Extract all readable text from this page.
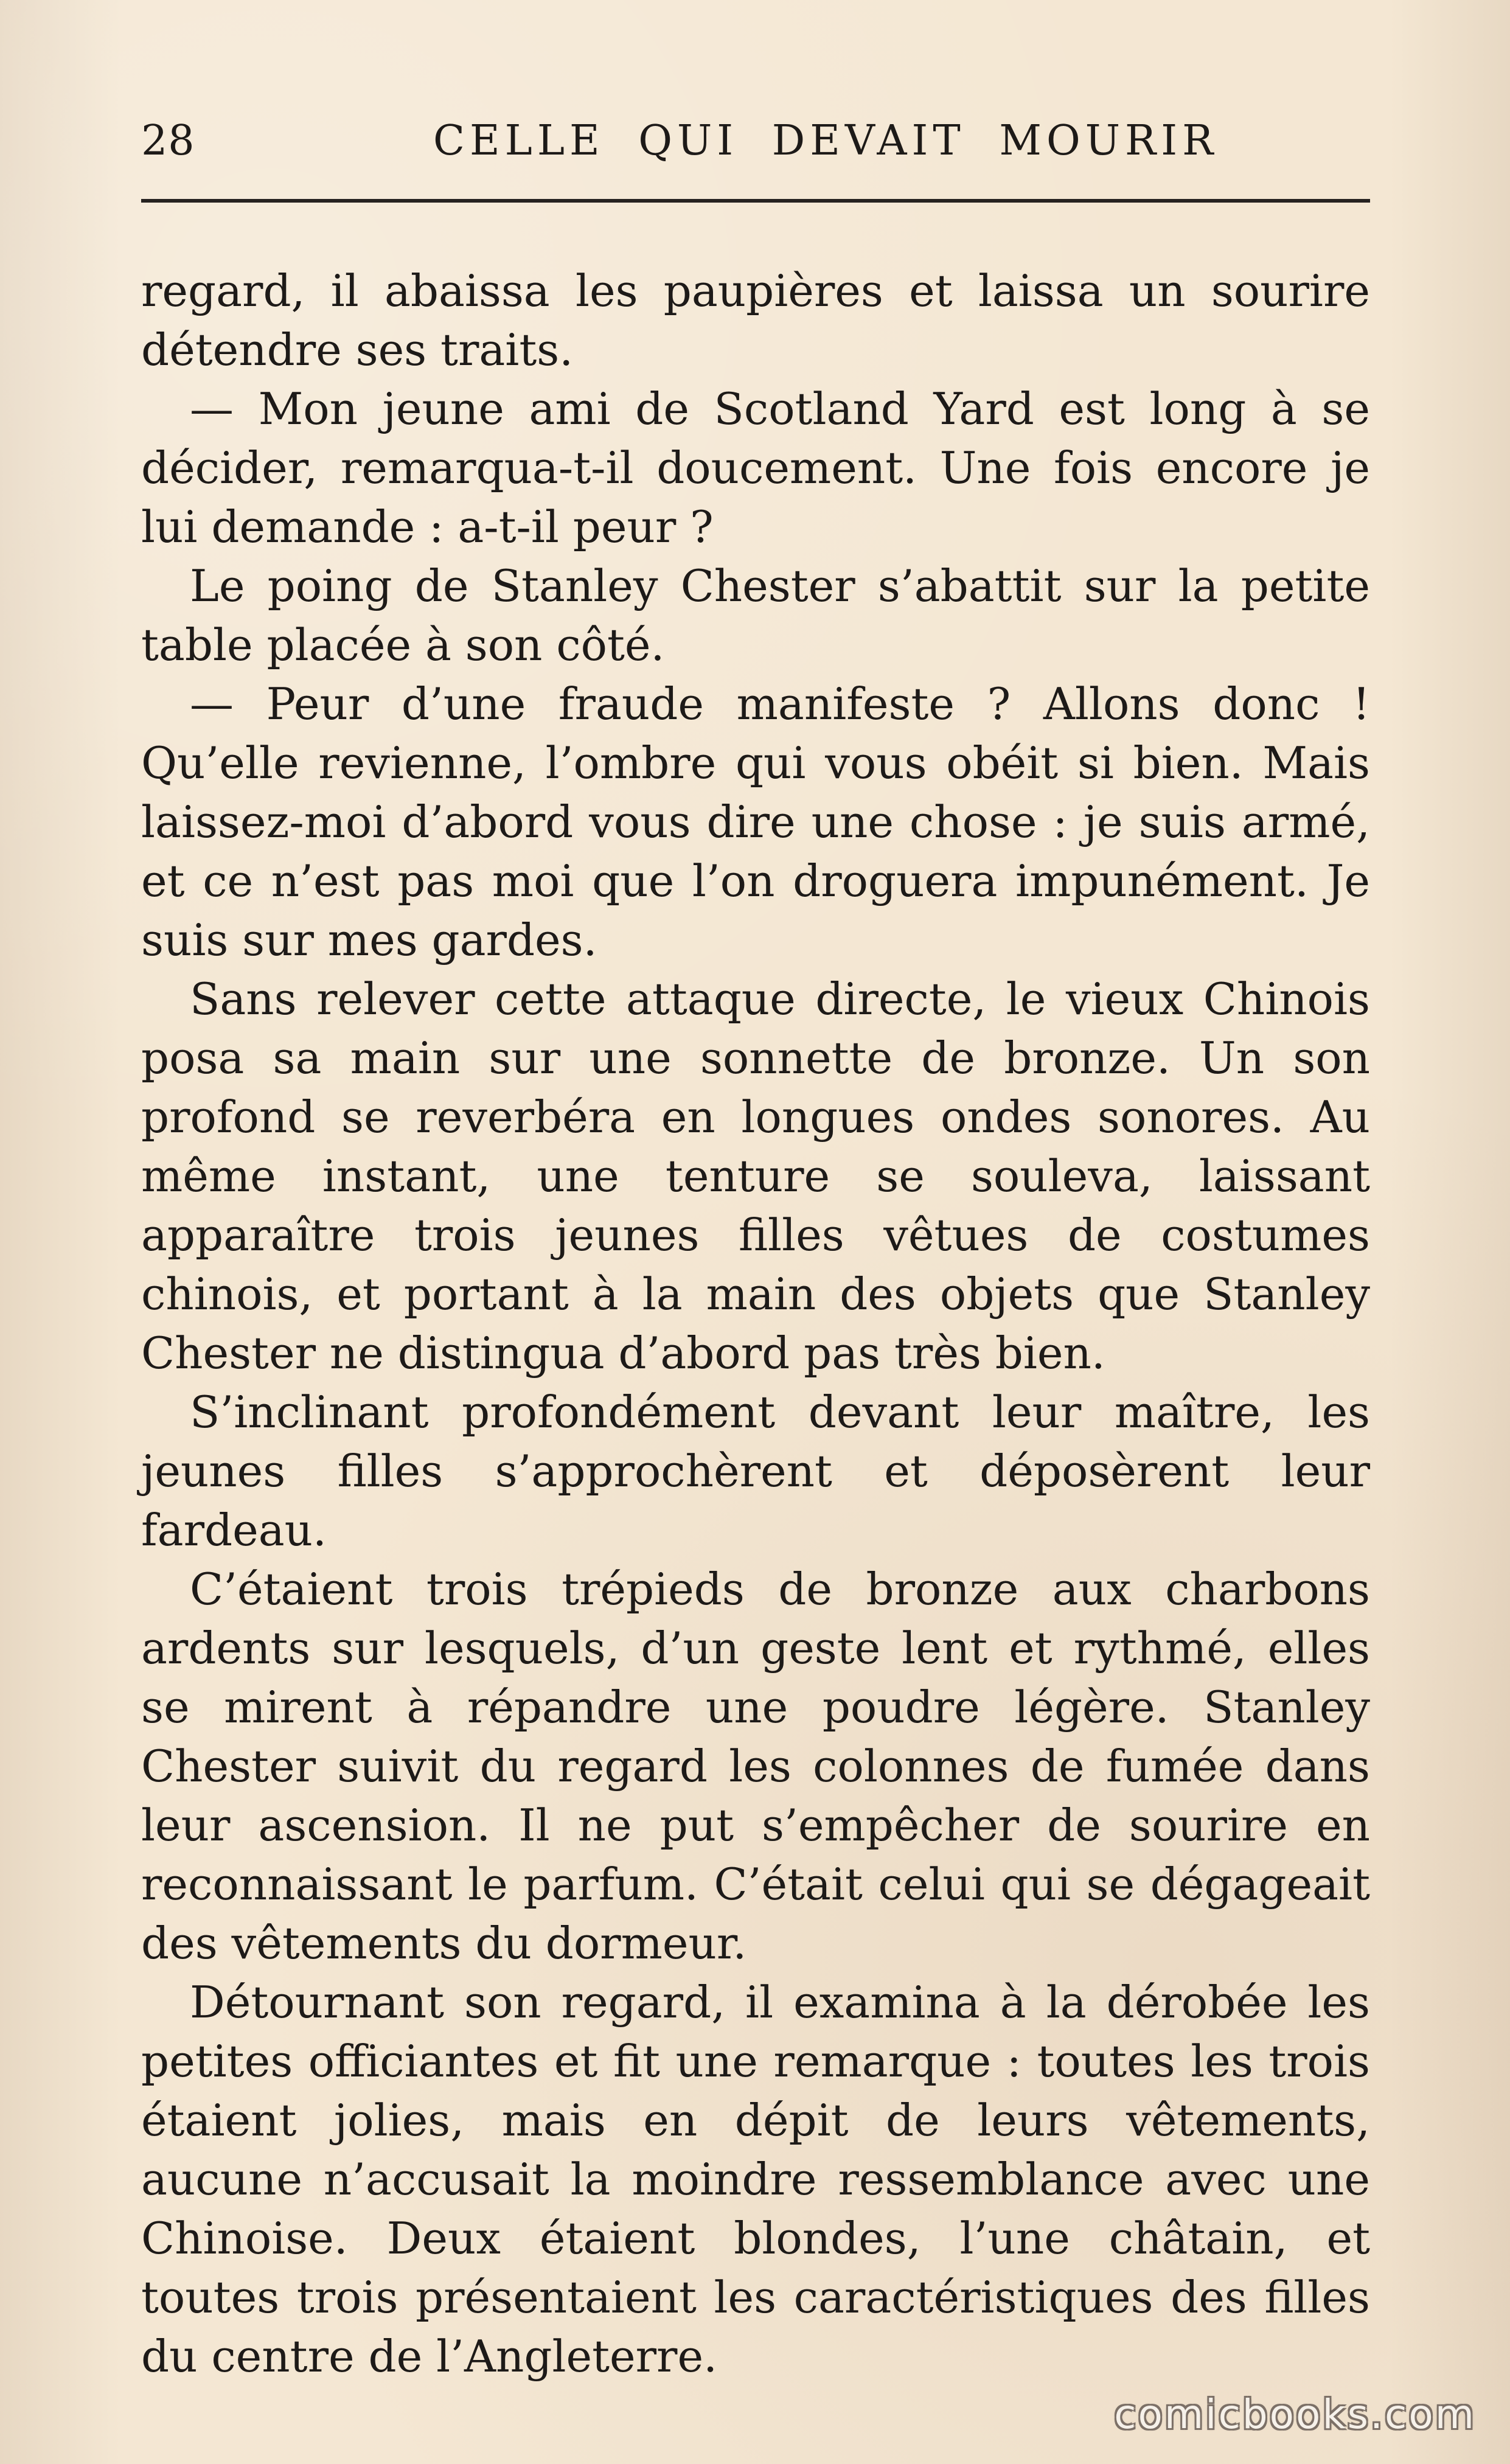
28	CELLE QUI DEVAIT MOURIR

regard, il abaissa les paupières et laissa un sourire détendre ses traits.

— Mon jeune ami de Scotland Yard est long à se décider, remarqua-t-il doucement. Une fois encore je lui demande : a-t-il peur ?

Le poing de Stanley Chester s’abattit sur la petite table placée à son côté.

— Peur d’une fraude manifeste ? Allons donc ! Qu’elle revienne, l’ombre qui vous obéit si bien. Mais laissez-moi d’abord vous dire une chose : je suis armé, et ce n’est pas moi que l’on droguera impunément. Je suis sur mes gardes.

Sans relever cette attaque directe, le vieux Chinois posa sa main sur une sonnette de bronze. Un son profond se reverbéra en longues ondes sonores. Au même instant, une tenture se souleva, laissant apparaître trois jeunes filles vêtues de costumes chinois, et portant à la main des objets que Stanley Chester ne distingua d’abord pas très bien.

S’inclinant profondément devant leur maître, les jeunes filles s’approchèrent et déposèrent leur fardeau.

C’étaient trois trépieds de bronze aux charbons ardents sur lesquels, d’un geste lent et rythmé, elles se mirent à répandre une poudre légère. Stanley Chester suivit du regard les colonnes de fumée dans leur ascension. Il ne put s’empêcher de sourire en reconnaissant le parfum. C’était celui qui se dégageait des vêtements du dormeur.

Détournant son regard, il examina à la dérobée les petites officiantes et fit une remarque : toutes les trois étaient jolies, mais en dépit de leurs vêtements, aucune n’accusait la moindre ressemblance avec une Chinoise. Deux étaient blondes, l’une châtain, et toutes trois présentaient les caractéristiques des filles du centre de l’Angleterre.

comicbooks.com
